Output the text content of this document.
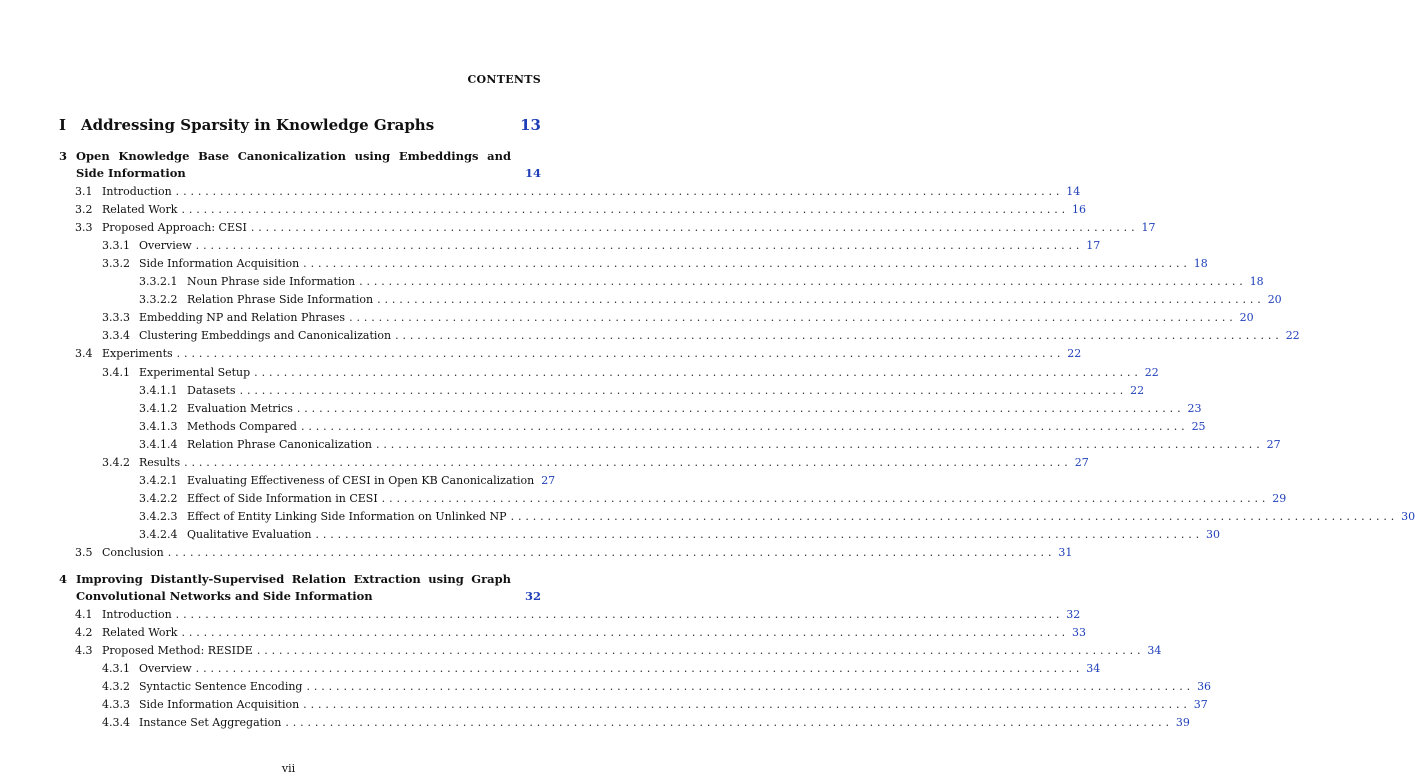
CONTENTS
I Addressing Sparsity in Knowledge Graphs	13
3 Open Knowledge Base Canonicalization using Embeddings and Side Information	14
3.1 Introduction ........................................................................................................................ 14
3.2 Related Work ........................................................................................................................ 16
3.3 Proposed Approach: CESI ........................................................................................................................ 17
3.3.1 Overview ........................................................................................................................ 17
3.3.2 Side Information Acquisition ........................................................................................................................ 18
3.3.2.1 Noun Phrase side Information ........................................................................................................................ 18
3.3.2.2 Relation Phrase Side Information ........................................................................................................................ 20
3.3.3 Embedding NP and Relation Phrases ........................................................................................................................ 20
3.3.4 Clustering Embeddings and Canonicalization ........................................................................................................................ 22
3.4 Experiments ........................................................................................................................ 22
3.4.1 Experimental Setup ........................................................................................................................ 22
3.4.1.1 Datasets ........................................................................................................................ 22
3.4.1.2 Evaluation Metrics ........................................................................................................................ 23
3.4.1.3 Methods Compared ........................................................................................................................ 25
3.4.1.4 Relation Phrase Canonicalization ........................................................................................................................ 27
3.4.2 Results ........................................................................................................................ 27
3.4.2.1 Evaluating Effectiveness of CESI in Open KB Canonicalization 27
3.4.2.2 Effect of Side Information in CESI ........................................................................................................................ 29
3.4.2.3 Effect of Entity Linking Side Information on Unlinked NP ........................................................................................................................ 30
3.4.2.4 Qualitative Evaluation ........................................................................................................................ 30
3.5 Conclusion ........................................................................................................................ 31
4 Improving Distantly-Supervised Relation Extraction using Graph Convolutional Networks and Side Information	32
4.1 Introduction ........................................................................................................................ 32
4.2 Related Work ........................................................................................................................ 33
4.3 Proposed Method: RESIDE ........................................................................................................................ 34
4.3.1 Overview ........................................................................................................................ 34
4.3.2 Syntactic Sentence Encoding ........................................................................................................................ 36
4.3.3 Side Information Acquisition ........................................................................................................................ 37
4.3.4 Instance Set Aggregation ........................................................................................................................ 39
vii
